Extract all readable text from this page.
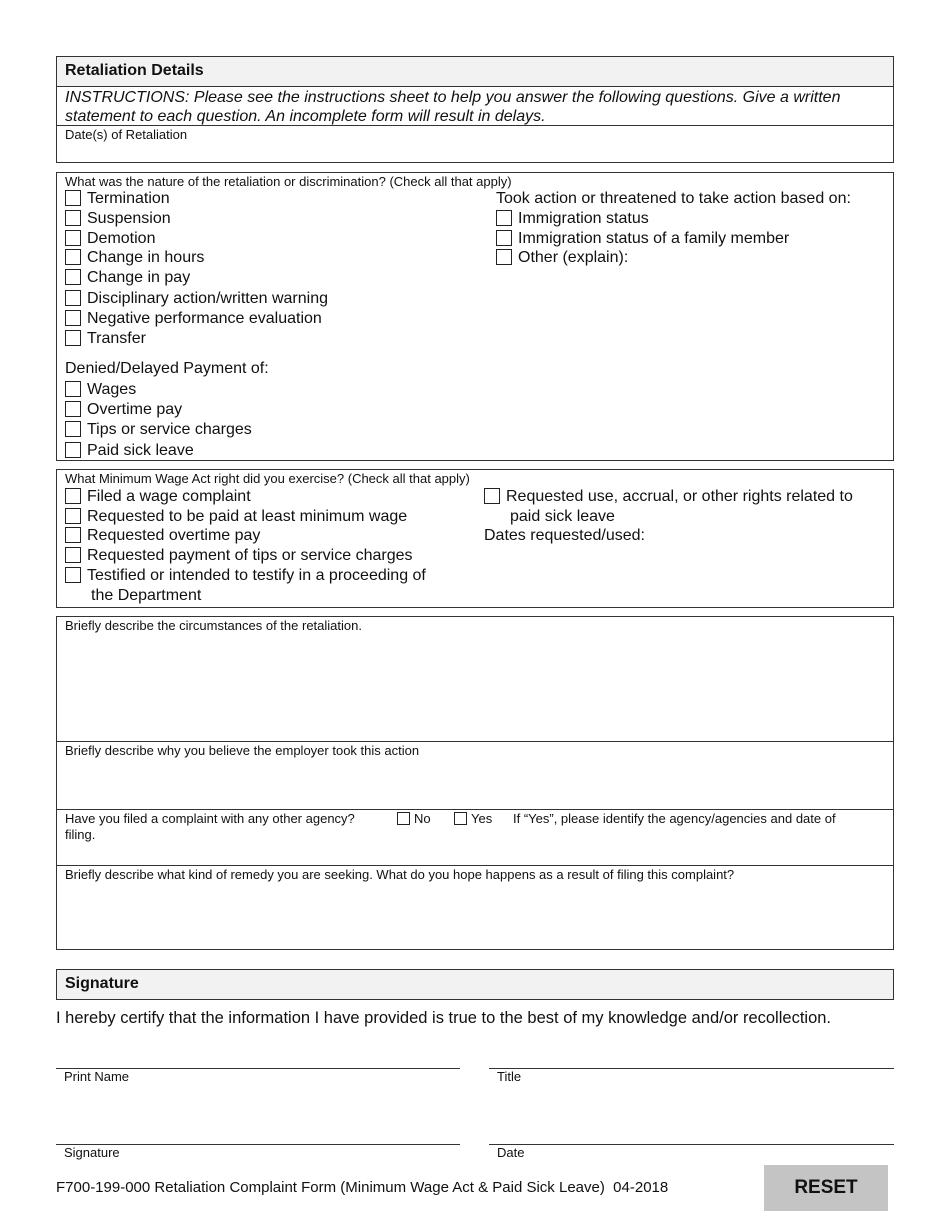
Retaliation Details
INSTRUCTIONS: Please see the instructions sheet to help you answer the following questions. Give a written statement to each question. An incomplete form will result in delays.
Date(s) of Retaliation
What was the nature of the retaliation or discrimination? (Check all that apply)
Termination
Suspension
Demotion
Change in hours
Change in pay
Disciplinary action/written warning
Negative performance evaluation
Transfer
Denied/Delayed Payment of:
Wages
Overtime pay
Tips or service charges
Paid sick leave
Took action or threatened to take action based on:
Immigration status
Immigration status of a family member
Other (explain):
What Minimum Wage Act right did you exercise? (Check all that apply)
Filed a wage complaint
Requested to be paid at least minimum wage
Requested overtime pay
Requested payment of tips or service charges
Testified or intended to testify in a proceeding of
the Department
Requested use, accrual, or other rights related to
paid sick leave
Dates requested/used:
Briefly describe the circumstances of the retaliation.
Briefly describe why you believe the employer took this action
Have you filed a complaint with any other agency?	No	Yes If “Yes”, please identify the agency/agencies and date of
filing.
Briefly describe what kind of remedy you are seeking. What do you hope happens as a result of filing this complaint?
Signature
I hereby certify that the information I have provided is true to the best of my knowledge and/or recollection.
Print Name	Title
Signature	Date
F700-199-000 Retaliation Complaint Form (Minimum Wage Act & Paid Sick Leave)  04-2018	RESET
